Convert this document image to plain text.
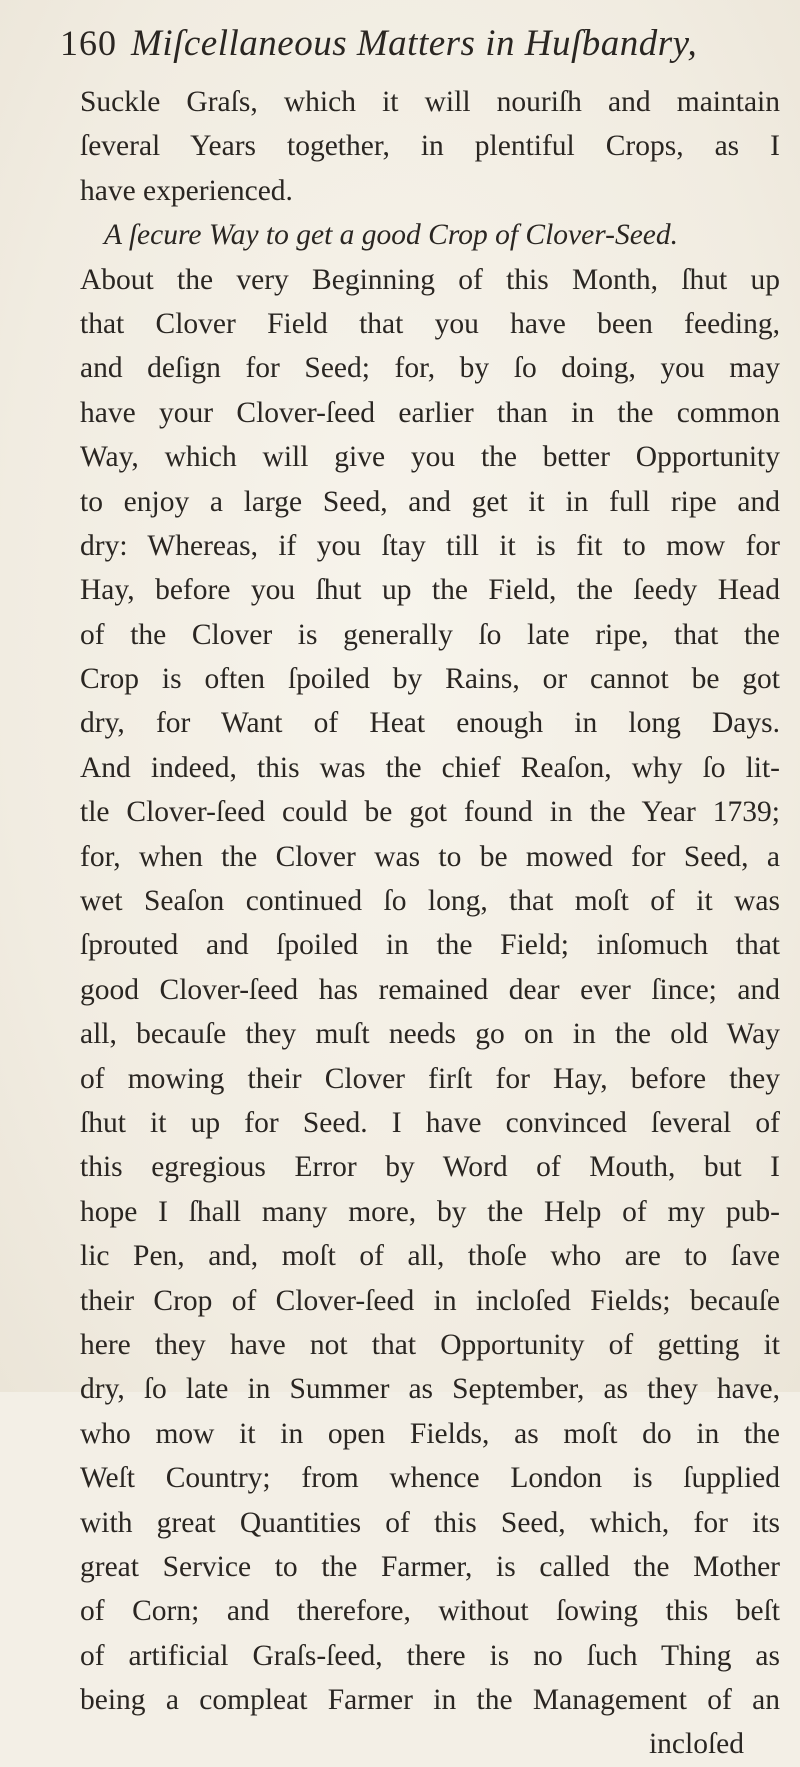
160 Miſcellaneous Matters in Huſbandry,
Suckle Graſs, which it will nouriſh and maintain
ſeveral Years together, in plentiful Crops, as I
have experienced.
A ſecure Way to get a good Crop of Clover-Seed.
About the very Beginning of this Month, ſhut up
that Clover Field that you have been feeding,
and deſign for Seed; for, by ſo doing, you may
have your Clover-ſeed earlier than in the common
Way, which will give you the better Opportunity
to enjoy a large Seed, and get it in full ripe and
dry: Whereas, if you ſtay till it is fit to mow for
Hay, before you ſhut up the Field, the ſeedy Head
of the Clover is generally ſo late ripe, that the
Crop is often ſpoiled by Rains, or cannot be got
dry, for Want of Heat enough in long Days.
And indeed, this was the chief Reaſon, why ſo lit-
tle Clover-ſeed could be got found in the Year 1739;
for, when the Clover was to be mowed for Seed, a
wet Seaſon continued ſo long, that moſt of it was
ſprouted and ſpoiled in the Field; inſomuch that
good Clover-ſeed has remained dear ever ſince; and
all, becauſe they muſt needs go on in the old Way
of mowing their Clover firſt for Hay, before they
ſhut it up for Seed. I have convinced ſeveral of
this egregious Error by Word of Mouth, but I
hope I ſhall many more, by the Help of my pub-
lic Pen, and, moſt of all, thoſe who are to ſave
their Crop of Clover-ſeed in incloſed Fields; becauſe
here they have not that Opportunity of getting it
dry, ſo late in Summer as September, as they have,
who mow it in open Fields, as moſt do in the
Weſt Country; from whence London is ſupplied
with great Quantities of this Seed, which, for its
great Service to the Farmer, is called the Mother
of Corn; and therefore, without ſowing this beſt
of artificial Graſs-ſeed, there is no ſuch Thing as
being a compleat Farmer in the Management of an
incloſed
